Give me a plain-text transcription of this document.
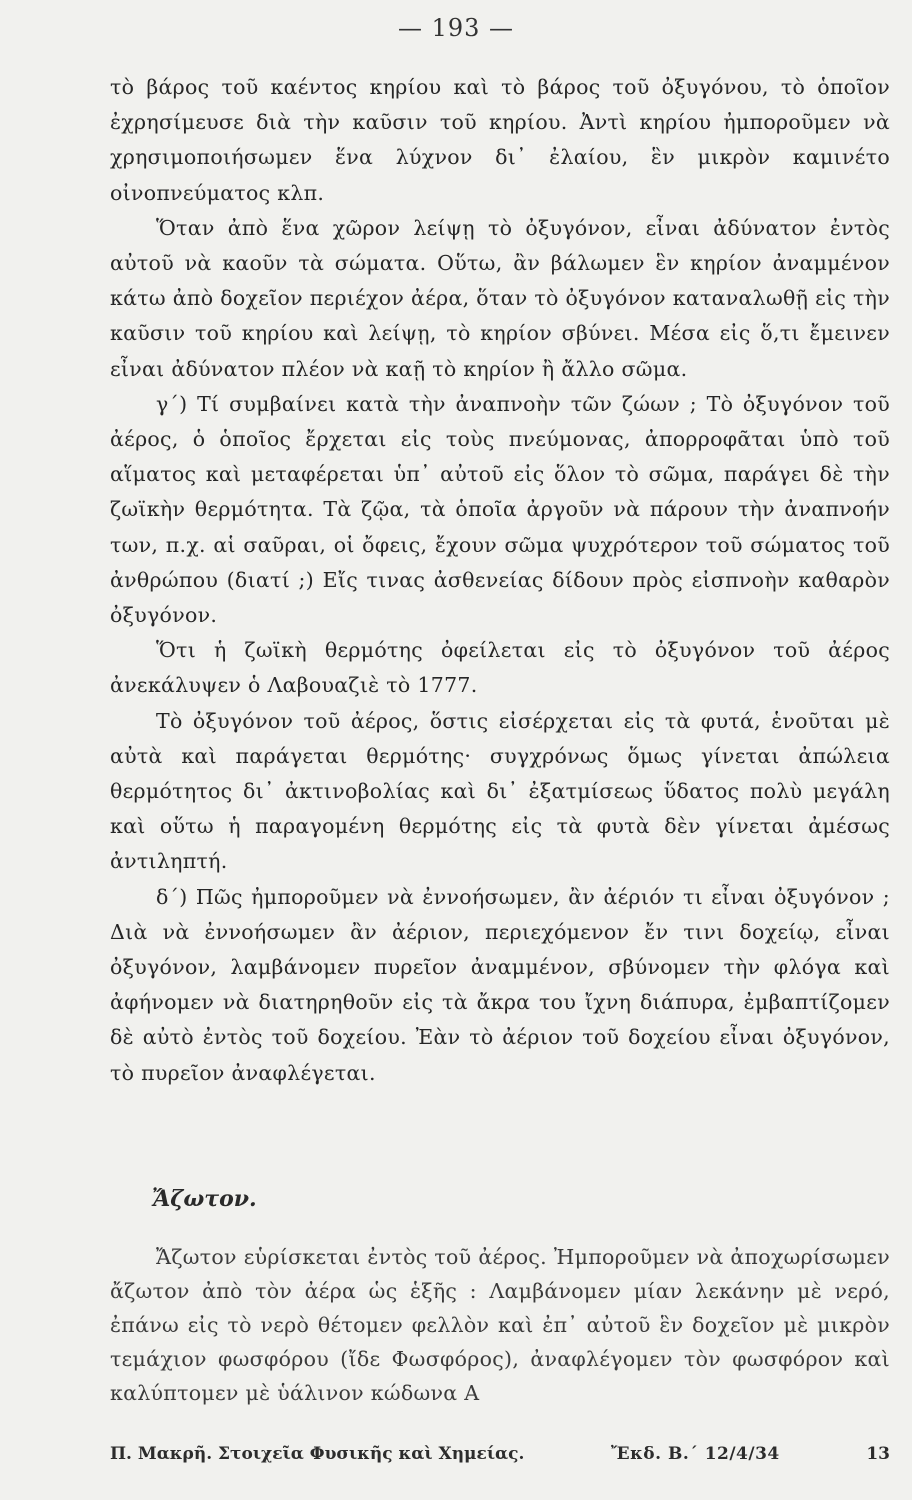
— 193 —

τὸ βάρος τοῦ καέντος κηρίου καὶ τὸ βάρος τοῦ ὀξυγόνου, τὸ ὁποῖον ἐχρησίμευσε διὰ τὴν καῦσιν τοῦ κηρίου. Ἀντὶ κηρίου ἠμποροῦμεν νὰ χρησιμοποιήσωμεν ἕνα λύχνον δι᾽ ἐλαίου, ἓν μικρὸν καμινέτο οἰνοπνεύματος κλπ.

Ὅταν ἀπὸ ἕνα χῶρον λείψῃ τὸ ὀξυγόνον, εἶναι ἀδύνατον ἐντὸς αὐτοῦ νὰ καοῦν τὰ σώματα. Οὕτω, ἂν βάλωμεν ἓν κηρίον ἀναμμένον κάτω ἀπὸ δοχεῖον περιέχον ἀέρα, ὅταν τὸ ὀξυγόνον καταναλωθῇ εἰς τὴν καῦσιν τοῦ κηρίου καὶ λείψῃ, τὸ κηρίον σβύνει. Μέσα εἰς ὅ,τι ἔμεινεν εἶναι ἀδύνατον πλέον νὰ καῇ τὸ κηρίον ἢ ἄλλο σῶμα.

γ´) Τί συμβαίνει κατὰ τὴν ἀναπνοὴν τῶν ζώων ; Τὸ ὀξυγόνον τοῦ ἀέρος, ὁ ὁποῖος ἔρχεται εἰς τοὺς πνεύμονας, ἀπορροφᾶται ὑπὸ τοῦ αἵματος καὶ μεταφέρεται ὑπ᾽ αὐτοῦ εἰς ὅλον τὸ σῶμα, παράγει δὲ τὴν ζωϊκὴν θερμότητα. Τὰ ζῷα, τὰ ὁποῖα ἀργοῦν νὰ πάρουν τὴν ἀναπνοήν των, π.χ. αἱ σαῦραι, οἱ ὄφεις, ἔχουν σῶμα ψυχρότερον τοῦ σώματος τοῦ ἀνθρώπου (διατί ;) Εἴς τινας ἀσθενείας δίδουν πρὸς εἰσπνοὴν καθαρὸν ὀξυγόνον.

Ὅτι ἡ ζωϊκὴ θερμότης ὀφείλεται εἰς τὸ ὀξυγόνον τοῦ ἀέρος ἀνεκάλυψεν ὁ Λαβουαζιὲ τὸ 1777.

Τὸ ὀξυγόνον τοῦ ἀέρος, ὅστις εἰσέρχεται εἰς τὰ φυτά, ἑνοῦται μὲ αὐτὰ καὶ παράγεται θερμότης· συγχρόνως ὅμως γίνεται ἀπώλεια θερμότητος δι᾽ ἀκτινοβολίας καὶ δι᾽ ἐξατμίσεως ὕδατος πολὺ μεγάλη καὶ οὕτω ἡ παραγομένη θερμότης εἰς τὰ φυτὰ δὲν γίνεται ἀμέσως ἀντιληπτή.

δ´) Πῶς ἠμποροῦμεν νὰ ἐννοήσωμεν, ἂν ἀέριόν τι εἶναι ὀξυγόνον ; Διὰ νὰ ἐννοήσωμεν ἂν ἀέριον, περιεχόμενον ἔν τινι δοχείῳ, εἶναι ὀξυγόνον, λαμβάνομεν πυρεῖον ἀναμμένον, σβύνομεν τὴν φλόγα καὶ ἀφήνομεν νὰ διατηρηθοῦν εἰς τὰ ἄκρα του ἴχνη διάπυρα, ἐμβαπτίζομεν δὲ αὐτὸ ἐντὸς τοῦ δοχείου. Ἐὰν τὸ ἀέριον τοῦ δοχείου εἶναι ὀξυγόνον, τὸ πυρεῖον ἀναφλέγεται.

Ἄζωτον.

Ἄζωτον εὑρίσκεται ἐντὸς τοῦ ἀέρος. Ἠμποροῦμεν νὰ ἀποχωρίσωμεν ἄζωτον ἀπὸ τὸν ἀέρα ὡς ἑξῆς : Λαμβάνομεν μίαν λεκάνην μὲ νερό, ἐπάνω εἰς τὸ νερὸ θέτομεν φελλὸν καὶ ἐπ᾽ αὐτοῦ ἓν δοχεῖον μὲ μικρὸν τεμάχιον φωσφόρου (ἴδε Φωσφόρος), ἀναφλέγομεν τὸν φωσφόρον καὶ καλύπτομεν μὲ ὑάλινον κώδωνα Α

Π. Μακρῆ. Στοιχεῖα Φυσικῆς καὶ Χημείας.	Ἔκδ. Β.´ 12/4/34	13
